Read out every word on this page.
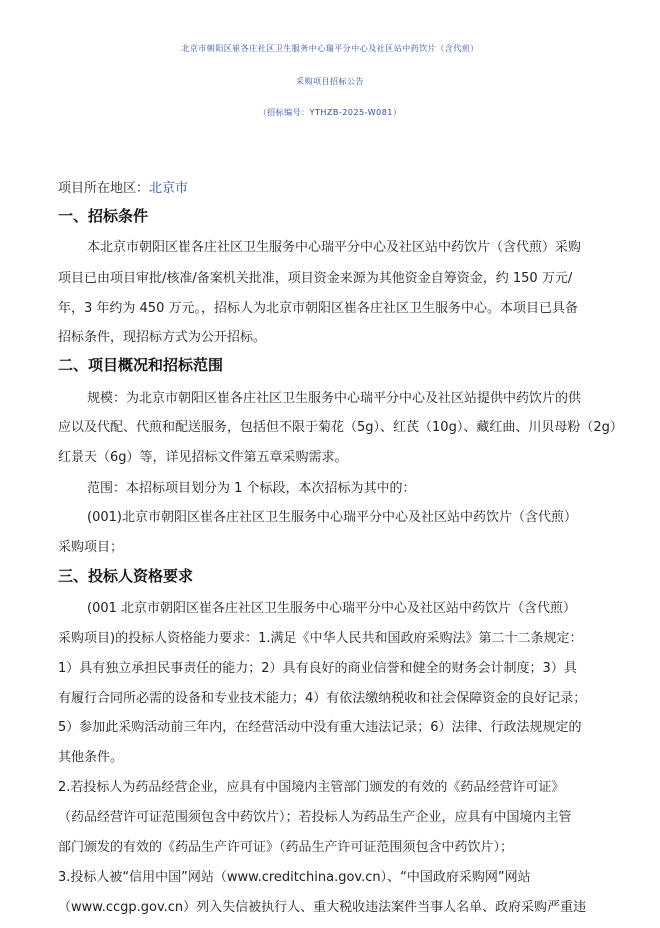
北京市朝阳区崔各庄社区卫生服务中心瑞平分中心及社区站中药饮片（含代煎）
采购项目招标公告
（招标编号：YTHZB-2025-W081）
项目所在地区：北京市
一、招标条件
本北京市朝阳区崔各庄社区卫生服务中心瑞平分中心及社区站中药饮片（含代煎）采购
项目已由项目审批/核准/备案机关批准，项目资金来源为其他资金自筹资金，约 150 万元/
年，3 年约为 450 万元。，招标人为北京市朝阳区崔各庄社区卫生服务中心。本项目已具备
招标条件，现招标方式为公开招标。
二、项目概况和招标范围
规模：为北京市朝阳区崔各庄社区卫生服务中心瑞平分中心及社区站提供中药饮片的供
应以及代配、代煎和配送服务，包括但不限于菊花（5g）、红芪（10g）、藏红曲、川贝母粉（2g）
红景天（6g）等，详见招标文件第五章采购需求。
范围：本招标项目划分为 1 个标段，本次招标为其中的：
(001)北京市朝阳区崔各庄社区卫生服务中心瑞平分中心及社区站中药饮片（含代煎）
采购项目；
三、投标人资格要求
(001 北京市朝阳区崔各庄社区卫生服务中心瑞平分中心及社区站中药饮片（含代煎）
采购项目)的投标人资格能力要求：1.满足《中华人民共和国政府采购法》第二十二条规定：
1）具有独立承担民事责任的能力；2）具有良好的商业信誉和健全的财务会计制度；3）具
有履行合同所必需的设备和专业技术能力；4）有依法缴纳税收和社会保障资金的良好记录；
5）参加此采购活动前三年内，在经营活动中没有重大违法记录；6）法律、行政法规规定的
其他条件。
2.若投标人为药品经营企业，应具有中国境内主管部门颁发的有效的《药品经营许可证》
（药品经营许可证范围须包含中药饮片）；若投标人为药品生产企业，应具有中国境内主管
部门颁发的有效的《药品生产许可证》（药品生产许可证范围须包含中药饮片）；
3.投标人被“信用中国”网站（www.creditchina.gov.cn）、“中国政府采购网”网站
（www.ccgp.gov.cn）列入失信被执行人、重大税收违法案件当事人名单、政府采购严重违
